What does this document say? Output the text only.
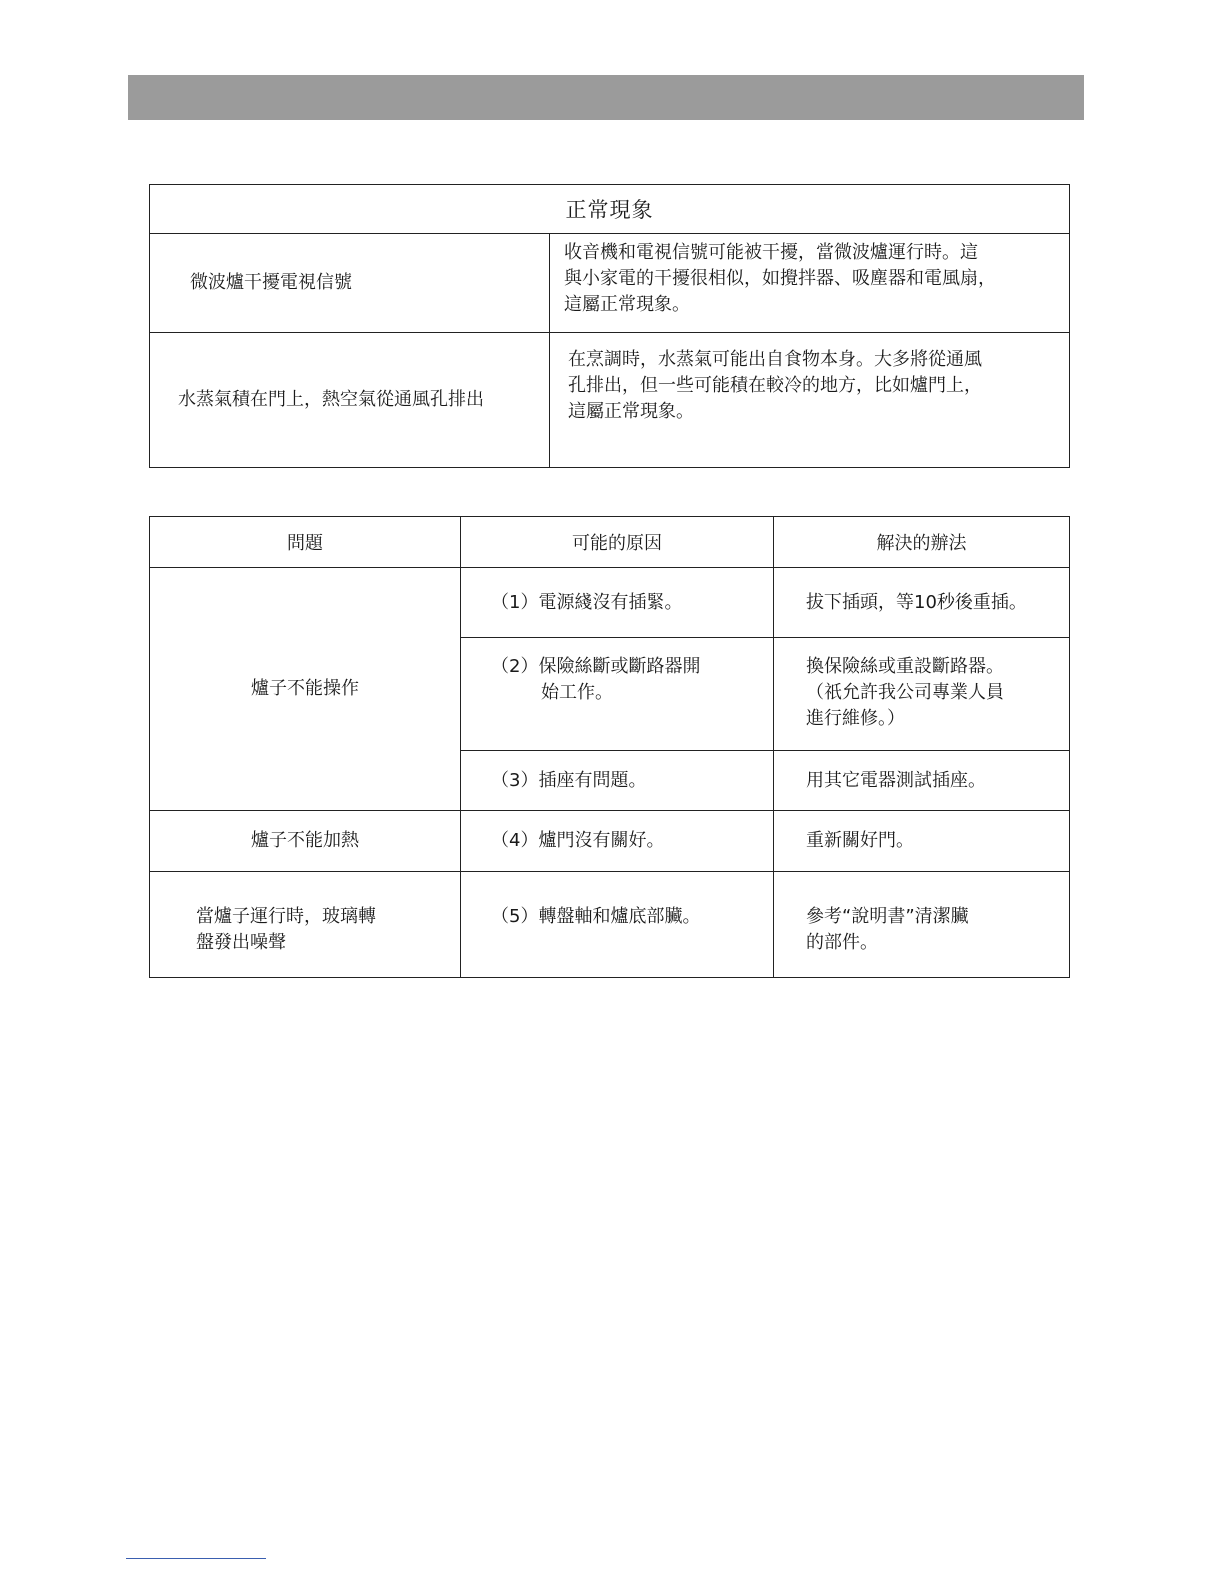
正常現象	
微波爐干擾電視信號	收音機和電視信號可能被干擾，當微波爐運行時。這
與小家電的干擾很相似，如攪拌器、吸塵器和電風扇，
這屬正常現象。

水蒸氣積在門上，熱空氣從通風孔排出	在烹調時，水蒸氣可能出自食物本身。大多將從通風
孔排出，但一些可能積在較冷的地方，比如爐門上，
這屬正常現象。
問題	可能的原因	解決的辦法
爐子不能操作	（1）電源綫沒有插緊。	拔下插頭，等10秒後重插。

	（2）保險絲斷或斷路器開
始工作。	換保險絲或重設斷路器。
（祇允許我公司專業人員
進行維修。）

	（3）插座有問題。	用其它電器測試插座。
爐子不能加熱	（4）爐門沒有關好。	重新關好門。

當爐子運行時，玻璃轉
盤發出噪聲	（5）轉盤軸和爐底部臟。	參考“說明書”清潔臟
的部件。
